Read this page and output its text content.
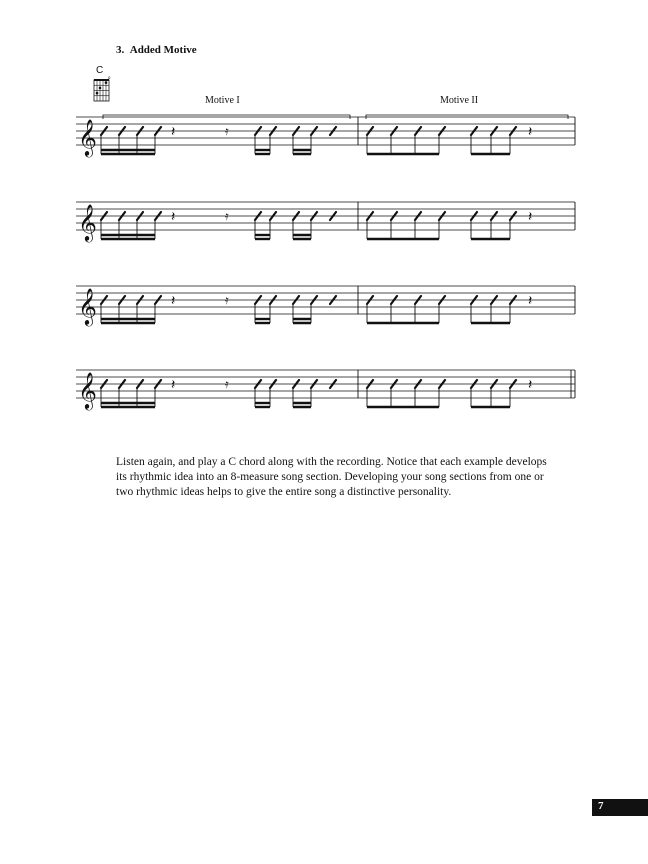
3. Added Motive
C
Motive I	Motive II
o
𝄞	𝄽	𝄿	𝄽
𝄞	𝄽	𝄿	𝄽
𝄞	𝄽	𝄿	𝄽
𝄞	𝄽	𝄿	𝄽

Listen again, and play a C chord along with the recording. Notice that each example develops its rhythmic idea into an 8-measure song section. Developing your song sections from one or two rhythmic ideas helps to give the entire song a distinctive personality.

7
